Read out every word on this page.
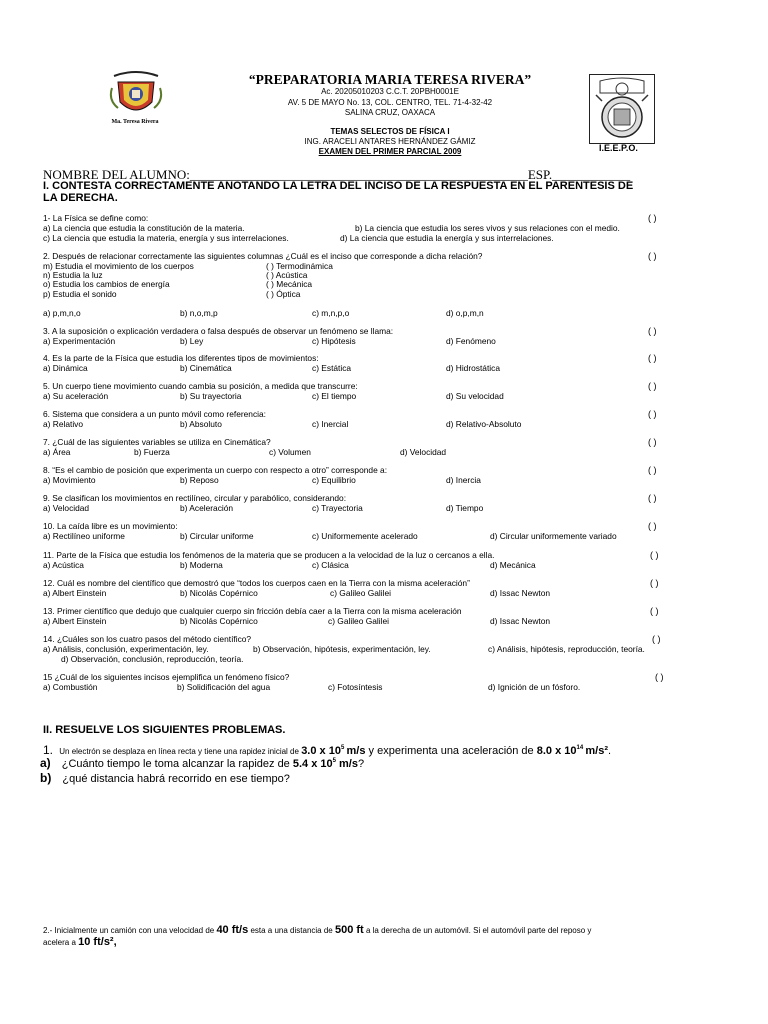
Ma. Teresa Rivera
“PREPARATORIA MARIA TERESA RIVERA”
Ac. 20205010203 C.C.T. 20PBH0001E
AV. 5 DE MAYO No. 13, COL. CENTRO, TEL. 71-4-32-42
SALINA CRUZ, OAXACA
TEMAS SELECTOS DE FÍSICA I
ING. ARACELI ANTARES HERNÁNDEZ GÁMIZ
EXAMEN DEL PRIMER PARCIAL 2009	I.E.E.P.O.
NOMBRE DEL ALUMNO:____________________________________________________ESP.____________
I. CONTESTA CORRECTAMENTE ANOTANDO LA LETRA DEL INCISO DE LA RESPUESTA EN EL PARENTESIS DE
LA DERECHA.
1- La Física se define como:	( )
a) La ciencia que estudia la constitución de la materia.	b) La ciencia que estudia los seres vivos y sus relaciones con el medio.
c) La ciencia que estudia la materia, energía y sus interrelaciones.	d) La ciencia que estudia la energía y sus interrelaciones.
2. Después de relacionar correctamente las siguientes columnas ¿Cuál es el inciso que corresponde a dicha relación?	( )
m) Estudia el movimiento de los cuerpos	( ) Termodinámica
n) Estudia la luz	( ) Acústica
o) Estudia los cambios de energía	( ) Mecánica
p) Estudia el sonido	( ) Óptica
a) p,m,n,o	b) n,o,m,p	c) m,n,p,o	d) o,p,m,n
3. A la suposición o explicación verdadera o falsa después de observar un fenómeno se llama:	( )
a) Experimentación	b) Ley	c) Hipótesis	d) Fenómeno
4. Es la parte de la Física que estudia los diferentes tipos de movimientos:	( )
a) Dinámica	b) Cinemática	c) Estática	d) Hidrostática
5. Un cuerpo tiene movimiento cuando cambia su posición, a medida que transcurre:	( )
a) Su aceleración	b) Su trayectoria	c) El tiempo	d) Su velocidad
6. Sistema que considera a un punto móvil como referencia:	( )
a) Relativo	b) Absoluto	c) Inercial	d) Relativo-Absoluto
7. ¿Cuál de las siguientes variables se utiliza en Cinemática?	( )
a) Área	b) Fuerza	c) Volumen	d) Velocidad
8. “Es el cambio de posición que experimenta un cuerpo con respecto a otro” corresponde a:	( )
a) Movimiento	b) Reposo	c) Equilibrio	d) Inercia
9. Se clasifican los movimientos en rectilíneo, circular y parabólico, considerando:	( )
a) Velocidad	b) Aceleración	c) Trayectoria	d) Tiempo
10. La caída libre es un movimiento:	( )
a) Rectilíneo uniforme	b) Circular uniforme	c) Uniformemente acelerado	d) Circular uniformemente variado
11. Parte de la Física que estudia los fenómenos de la materia que se producen a la velocidad de la luz o cercanos a ella.	( )
a) Acústica	b) Moderna	c) Clásica	d) Mecánica
12. Cuál es nombre del científico que demostró que “todos los cuerpos caen en la Tierra con la misma aceleración”	( )
a) Albert Einstein	b) Nicolás Copérnico	c) Galileo Galilei	d) Issac Newton
13. Primer científico que dedujo que cualquier cuerpo sin fricción debía caer a la Tierra con la misma aceleración	( )
a) Albert Einstein	b) Nicolás Copérnico	c) Galileo Galilei	d) Issac Newton
14. ¿Cuáles son los cuatro pasos del método científico?	( )
a) Análisis, conclusión, experimentación, ley.	b) Observación, hipótesis, experimentación, ley.	c) Análisis, hipótesis, reproducción, teoría.
d) Observación, conclusión, reproducción, teoría.
15 ¿Cuál de los siguientes incisos ejemplifica un fenómeno físico?	( )
a) Combustión	b) Solidificación del agua	c) Fotosíntesis	d) Ignición de un fósforo.
II. RESUELVE LOS SIGUIENTES PROBLEMAS.
1. Un electrón se desplaza en línea recta y tiene una rapidez inicial de 3.0 x $10^5$ m/s y experimenta una aceleración de 8.0 x $10^{14}$ m/s².
a) ¿Cuánto tiempo le toma alcanzar la rapidez de 5.4 x $10^5$ m/s?
b) ¿qué distancia habrá recorrido en ese tiempo?
2.- Inicialmente un camión con una velocidad de 40 ft/s esta a una distancia de 500 ft a la derecha de un automóvil. Si el automóvil parte del reposo y
acelera a 10 ft/s²,
